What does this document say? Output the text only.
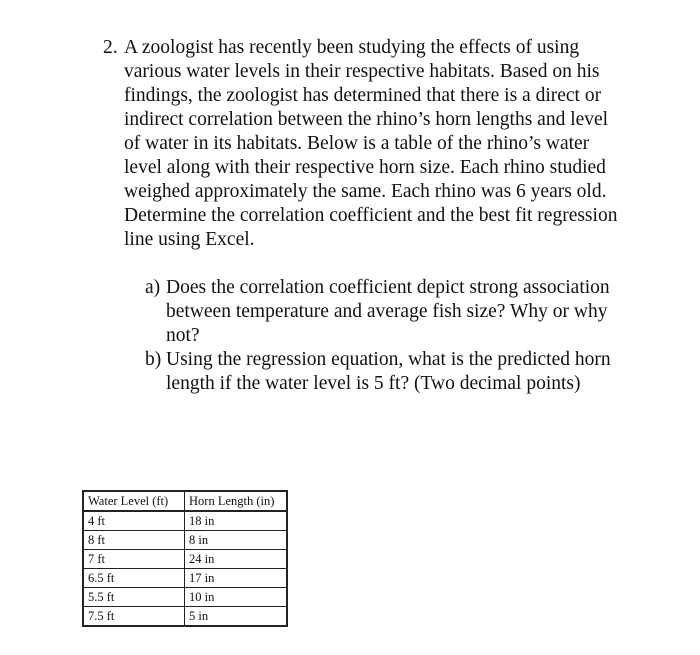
2. A zoologist has recently been studying the effects of using various water levels in their respective habitats. Based on his findings, the zoologist has determined that there is a direct or indirect correlation between the rhino’s horn lengths and level of water in its habitats. Below is a table of the rhino’s water level along with their respective horn size. Each rhino studied weighed approximately the same. Each rhino was 6 years old. Determine the correlation coefficient and the best fit regression line using Excel.
a) Does the correlation coefficient depict strong association between temperature and average fish size? Why or why not?
b) Using the regression equation, what is the predicted horn length if the water level is 5 ft? (Two decimal points)
Water Level (ft)	Horn Length (in)
4 ft	18 in
8 ft	8 in
7 ft	24 in
6.5 ft	17 in
5.5 ft	10 in
7.5 ft	5 in
